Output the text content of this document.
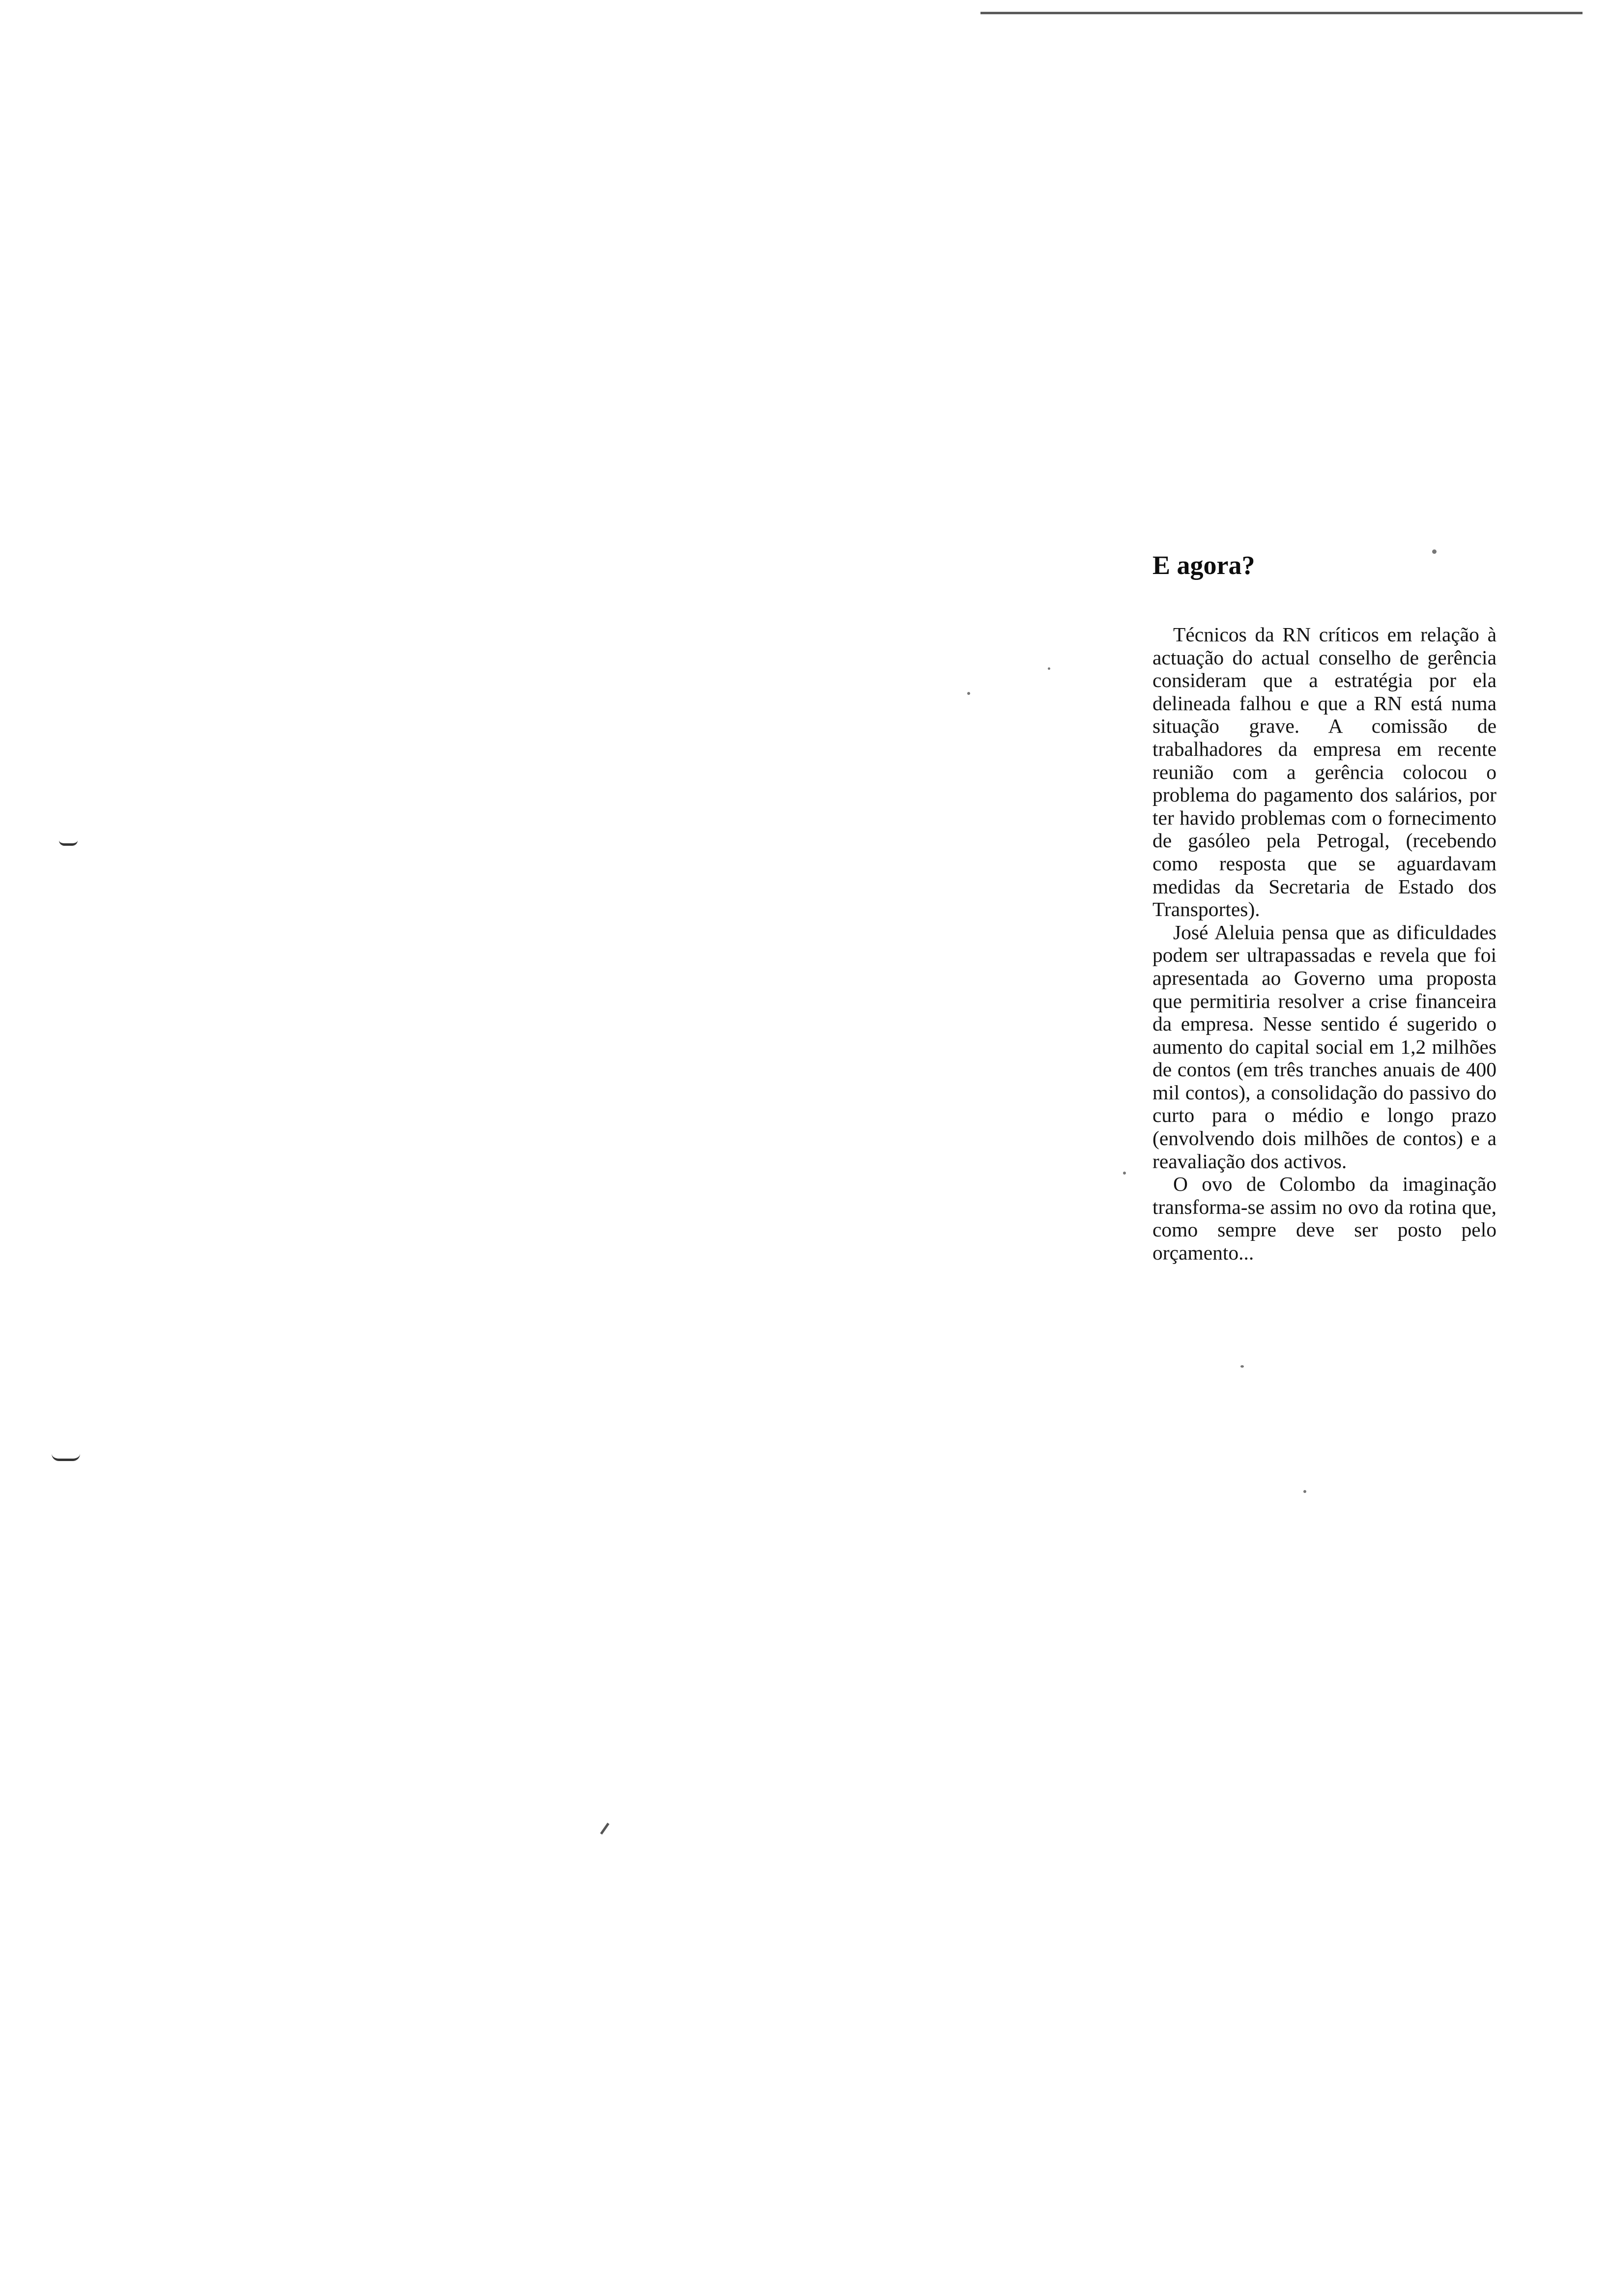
E agora?

Técnicos da RN críticos em relação à actuação do actual conselho de gerência consideram que a estratégia por ela delineada falhou e que a RN está numa situação grave. A comissão de trabalhadores da empresa em recente reunião com a gerência colocou o problema do pagamento dos salários, por ter havido problemas com o fornecimento de gasóleo pela Petrogal, (recebendo como resposta que se aguardavam medidas da Secretaria de Estado dos Transportes).

José Aleluia pensa que as dificuldades podem ser ultrapassadas e revela que foi apresentada ao Governo uma proposta que permitiria resolver a crise financeira da empresa. Nesse sentido é sugerido o aumento do capital social em 1,2 milhões de contos (em três tranches anuais de 400 mil contos), a consolidação do passivo do curto para o médio e longo prazo (envolvendo dois milhões de contos) e a reavaliação dos activos.

O ovo de Colombo da imaginação transforma-se assim no ovo da rotina que, como sempre deve ser posto pelo orçamento...
